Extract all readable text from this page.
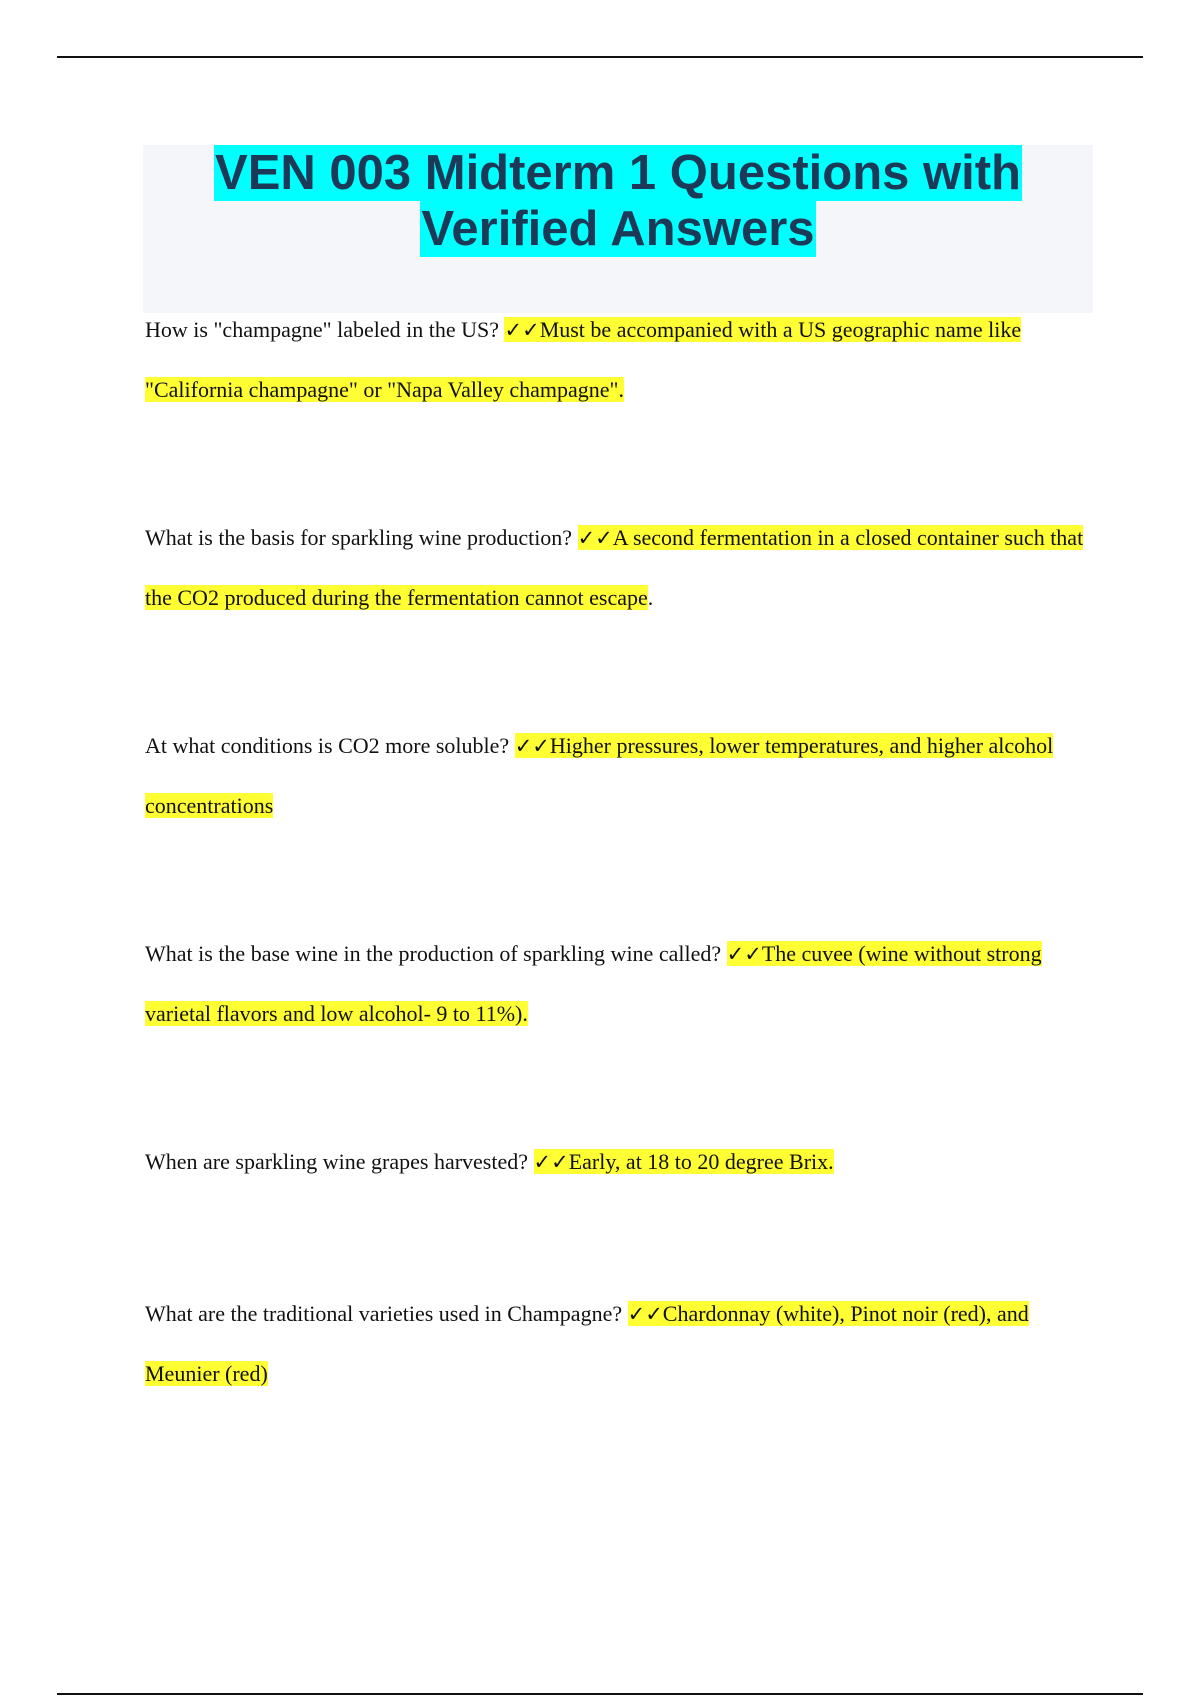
VEN 003 Midterm 1 Questions with
Verified Answers
How is "champagne" labeled in the US? ✓✓Must be accompanied with a US geographic name like "California champagne" or "Napa Valley champagne".
What is the basis for sparkling wine production? ✓✓A second fermentation in a closed container such that the CO2 produced during the fermentation cannot escape.
At what conditions is CO2 more soluble? ✓✓Higher pressures, lower temperatures, and higher alcohol concentrations
What is the base wine in the production of sparkling wine called? ✓✓The cuvee (wine without strong varietal flavors and low alcohol- 9 to 11%).
When are sparkling wine grapes harvested? ✓✓Early, at 18 to 20 degree Brix.
What are the traditional varieties used in Champagne? ✓✓Chardonnay (white), Pinot noir (red), and Meunier (red)
